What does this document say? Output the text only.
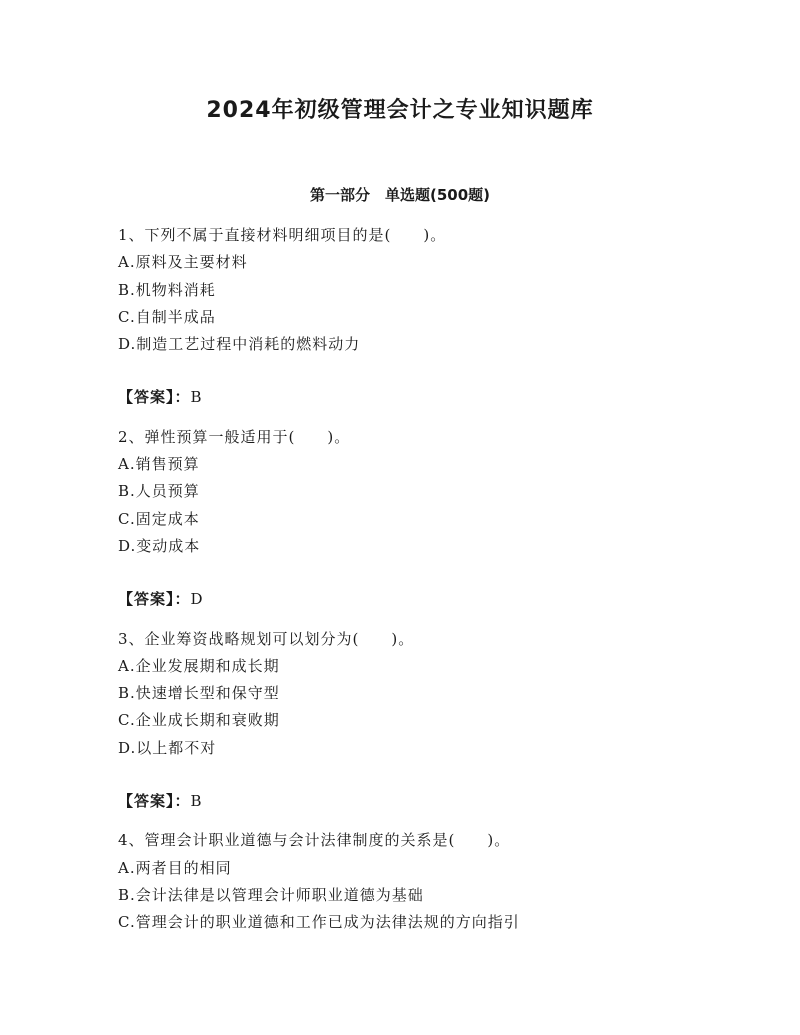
2024年初级管理会计之专业知识题库
第一部分　单选题(500题)
1、下列不属于直接材料明细项目的是(　　)。
A.原料及主要材料
B.机物料消耗
C.自制半成品
D.制造工艺过程中消耗的燃料动力
【答案】：B
2、弹性预算一般适用于(　　)。
A.销售预算
B.人员预算
C.固定成本
D.变动成本
【答案】：D
3、企业筹资战略规划可以划分为(　　)。
A.企业发展期和成长期
B.快速增长型和保守型
C.企业成长期和衰败期
D.以上都不对
【答案】：B
4、管理会计职业道德与会计法律制度的关系是(　　)。
A.两者目的相同
B.会计法律是以管理会计师职业道德为基础
C.管理会计的职业道德和工作已成为法律法规的方向指引
